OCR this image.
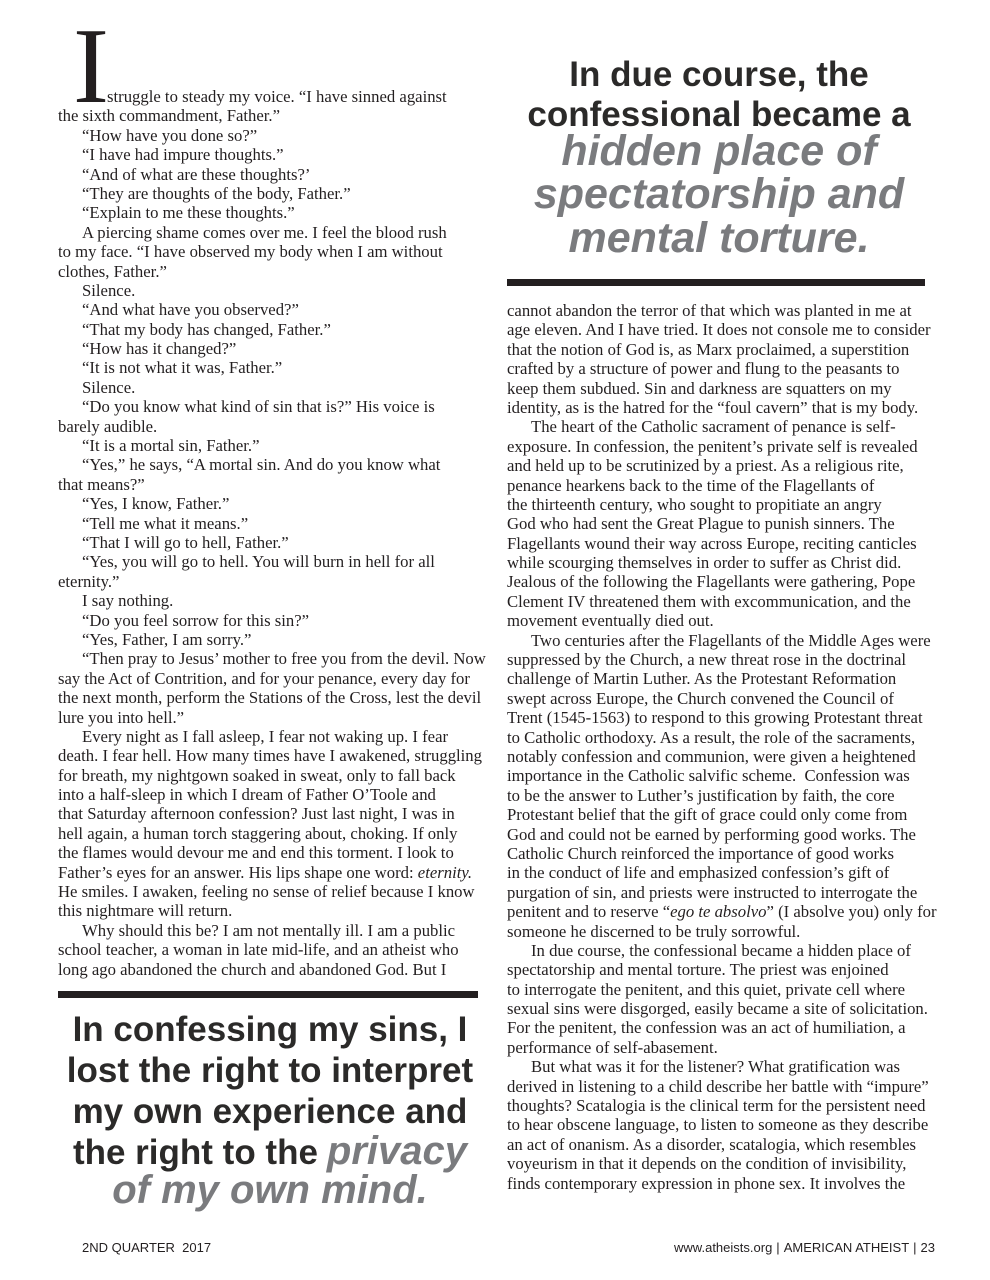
I
struggle to steady my voice. “I have sinned against
the sixth commandment, Father.”
“How have you done so?”
“I have had impure thoughts.”
“And of what are these thoughts?’
“They are thoughts of the body, Father.”
“Explain to me these thoughts.”
A piercing shame comes over me. I feel the blood rush
to my face. “I have observed my body when I am without
clothes, Father.”
Silence.
“And what have you observed?”
“That my body has changed, Father.”
“How has it changed?”
“It is not what it was, Father.”
Silence.
“Do you know what kind of sin that is?” His voice is
barely audible.
“It is a mortal sin, Father.”
“Yes,” he says, “A mortal sin. And do you know what
that means?”
“Yes, I know, Father.”
“Tell me what it means.”
“That I will go to hell, Father.”
“Yes, you will go to hell. You will burn in hell for all
eternity.”
I say nothing.
“Do you feel sorrow for this sin?”
“Yes, Father, I am sorry.”
“Then pray to Jesus’ mother to free you from the devil. Now
say the Act of Contrition, and for your penance, every day for
the next month, perform the Stations of the Cross, lest the devil
lure you into hell.”
Every night as I fall asleep, I fear not waking up. I fear
death. I fear hell. How many times have I awakened, struggling
for breath, my nightgown soaked in sweat, only to fall back
into a half-sleep in which I dream of Father O’Toole and
that Saturday afternoon confession? Just last night, I was in
hell again, a human torch staggering about, choking. If only
the flames would devour me and end this torment. I look to
Father’s eyes for an answer. His lips shape one word: eternity.
He smiles. I awaken, feeling no sense of relief because I know
this nightmare will return.
Why should this be? I am not mentally ill. I am a public
school teacher, a woman in late mid-life, and an atheist who
long ago abandoned the church and abandoned God. But I
cannot abandon the terror of that which was planted in me at
age eleven. And I have tried. It does not console me to consider
that the notion of God is, as Marx proclaimed, a superstition
crafted by a structure of power and flung to the peasants to
keep them subdued. Sin and darkness are squatters on my
identity, as is the hatred for the “foul cavern” that is my body.
The heart of the Catholic sacrament of penance is self-
exposure. In confession, the penitent’s private self is revealed
and held up to be scrutinized by a priest. As a religious rite,
penance hearkens back to the time of the Flagellants of
the thirteenth century, who sought to propitiate an angry
God who had sent the Great Plague to punish sinners. The
Flagellants wound their way across Europe, reciting canticles
while scourging themselves in order to suffer as Christ did.
Jealous of the following the Flagellants were gathering, Pope
Clement IV threatened them with excommunication, and the
movement eventually died out.
Two centuries after the Flagellants of the Middle Ages were
suppressed by the Church, a new threat rose in the doctrinal
challenge of Martin Luther. As the Protestant Reformation
swept across Europe, the Church convened the Council of
Trent (1545-1563) to respond to this growing Protestant threat
to Catholic orthodoxy. As a result, the role of the sacraments,
notably confession and communion, were given a heightened
importance in the Catholic salvific scheme.  Confession was
to be the answer to Luther’s justification by faith, the core
Protestant belief that the gift of grace could only come from
God and could not be earned by performing good works. The
Catholic Church reinforced the importance of good works
in the conduct of life and emphasized confession’s gift of
purgation of sin, and priests were instructed to interrogate the
penitent and to reserve “ego te absolvo” (I absolve you) only for
someone he discerned to be truly sorrowful.
In due course, the confessional became a hidden place of
spectatorship and mental torture. The priest was enjoined
to interrogate the penitent, and this quiet, private cell where
sexual sins were disgorged, easily became a site of solicitation.
For the penitent, the confession was an act of humiliation, a
performance of self-abasement.
But what was it for the listener? What gratification was
derived in listening to a child describe her battle with “impure”
thoughts? Scatalogia is the clinical term for the persistent need
to hear obscene language, to listen to someone as they describe
an act of onanism. As a disorder, scatalogia, which resembles
voyeurism in that it depends on the condition of invisibility,
finds contemporary expression in phone sex. It involves the
In due course, the
confessional became a
hidden place of
spectatorship and
mental torture.
In confessing my sins, I
lost the right to interpret
my own experience and
the right to the privacy
of my own mind.
2ND QUARTER  2017	www.atheists.org | AMERICAN ATHEIST | 23
